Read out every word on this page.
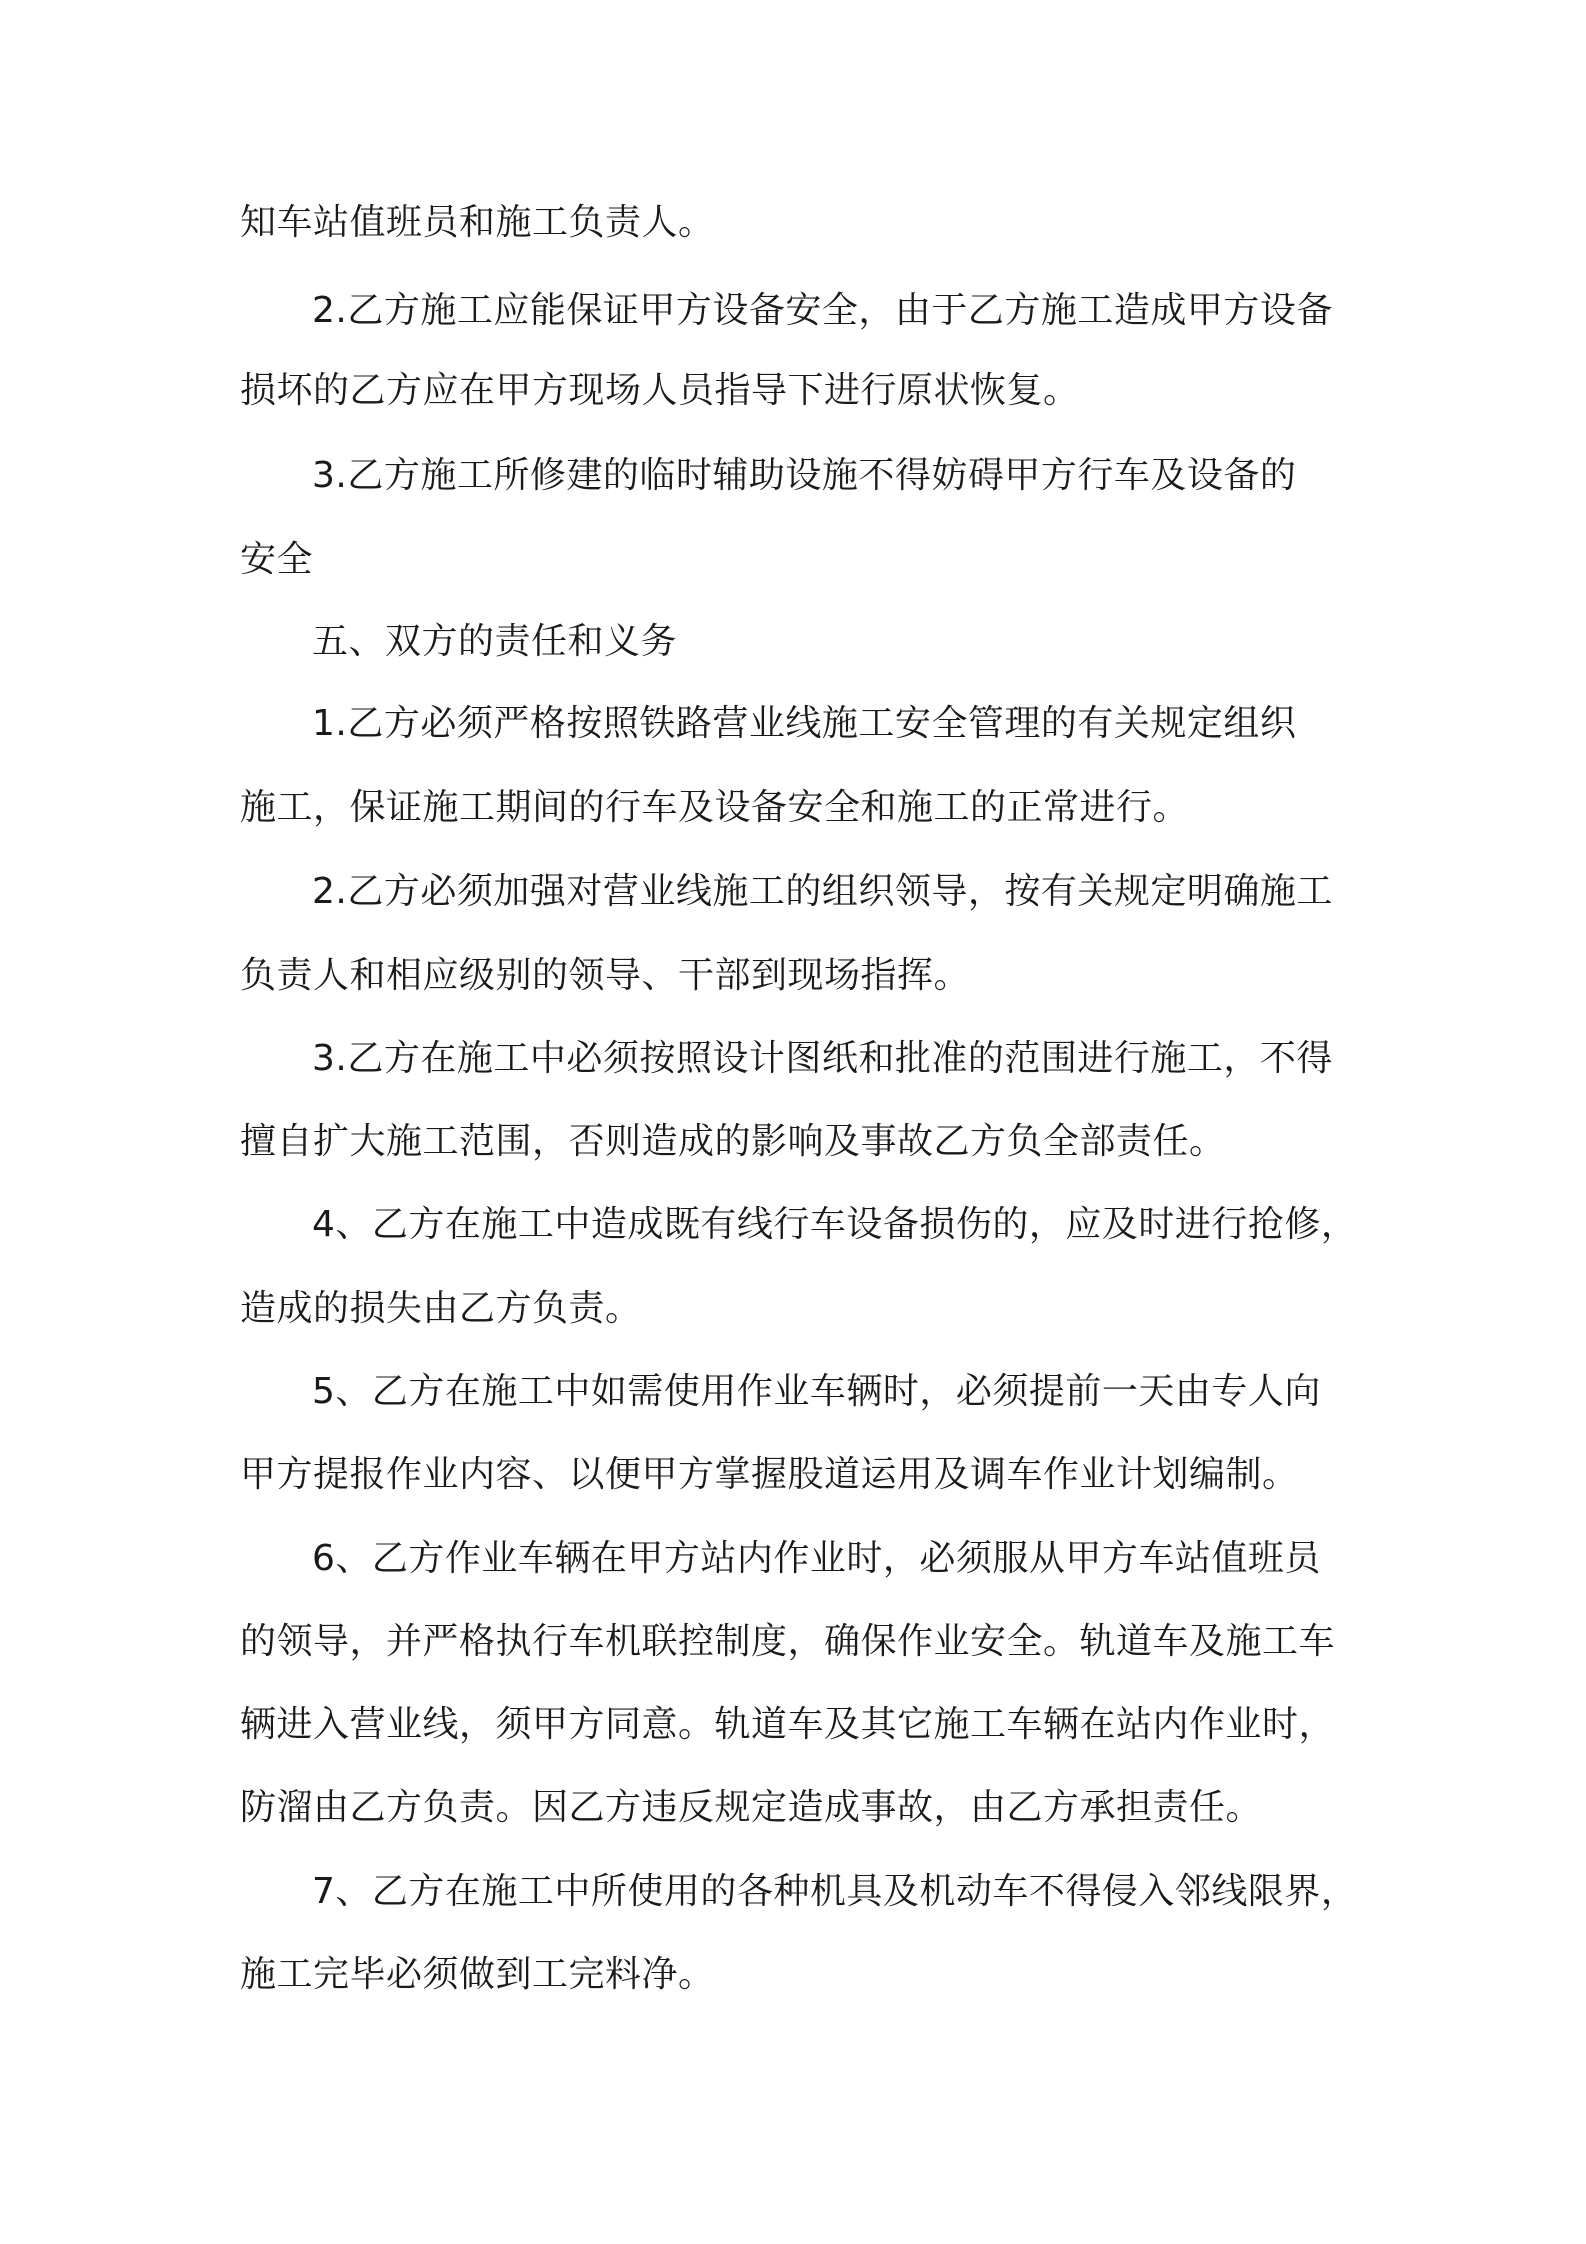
知车站值班员和施工负责人。
2.乙方施工应能保证甲方设备安全，由于乙方施工造成甲方设备
损坏的乙方应在甲方现场人员指导下进行原状恢复。
3.乙方施工所修建的临时辅助设施不得妨碍甲方行车及设备的
安全
五、双方的责任和义务
1.乙方必须严格按照铁路营业线施工安全管理的有关规定组织
施工，保证施工期间的行车及设备安全和施工的正常进行。
2.乙方必须加强对营业线施工的组织领导，按有关规定明确施工
负责人和相应级别的领导、干部到现场指挥。
3.乙方在施工中必须按照设计图纸和批准的范围进行施工，不得
擅自扩大施工范围，否则造成的影响及事故乙方负全部责任。
4、乙方在施工中造成既有线行车设备损伤的，应及时进行抢修，
造成的损失由乙方负责。
5、乙方在施工中如需使用作业车辆时，必须提前一天由专人向
甲方提报作业内容、以便甲方掌握股道运用及调车作业计划编制。
6、乙方作业车辆在甲方站内作业时，必须服从甲方车站值班员
的领导，并严格执行车机联控制度，确保作业安全。轨道车及施工车
辆进入营业线，须甲方同意。轨道车及其它施工车辆在站内作业时，
防溜由乙方负责。因乙方违反规定造成事故，由乙方承担责任。
7、乙方在施工中所使用的各种机具及机动车不得侵入邻线限界，
施工完毕必须做到工完料净。
